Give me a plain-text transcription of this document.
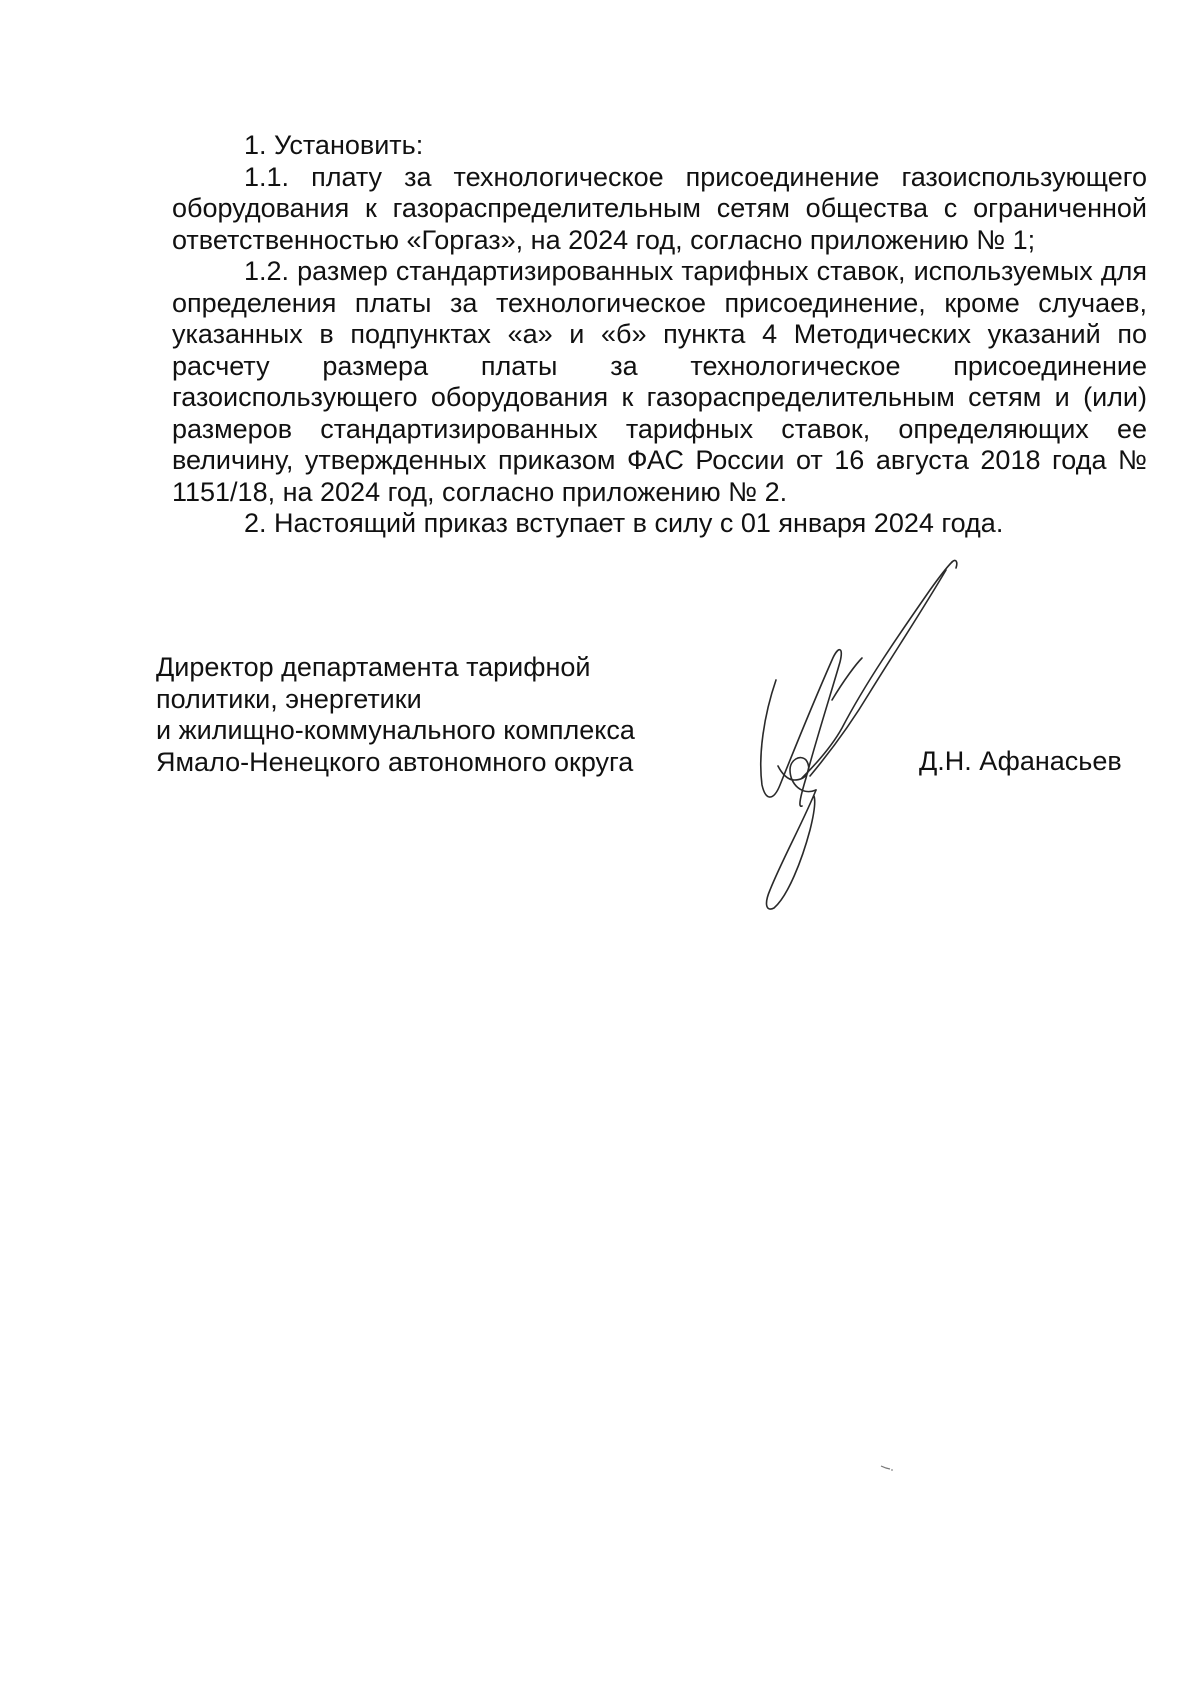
1. Установить:

1.1. плату за технологическое присоединение газоиспользующего оборудования к газораспределительным сетям общества с ограниченной ответственностью «Горгаз», на 2024 год, согласно приложению № 1;

1.2. размер стандартизированных тарифных ставок, используемых для определения платы за технологическое присоединение, кроме случаев, указанных в подпунктах «а» и «б» пункта 4 Методических указаний по расчету размера платы за технологическое присоединение газоиспользующего оборудования к газораспределительным сетям и (или) размеров стандартизированных тарифных ставок, определяющих ее величину, утвержденных приказом ФАС России от 16 августа 2018 года № 1151/18, на 2024 год, согласно приложению № 2.

2. Настоящий приказ вступает в силу с 01 января 2024 года.

Директор департамента тарифной
политики, энергетики
и жилищно-коммунального комплекса
Ямало-Ненецкого автономного округа	Д.Н. Афанасьев
